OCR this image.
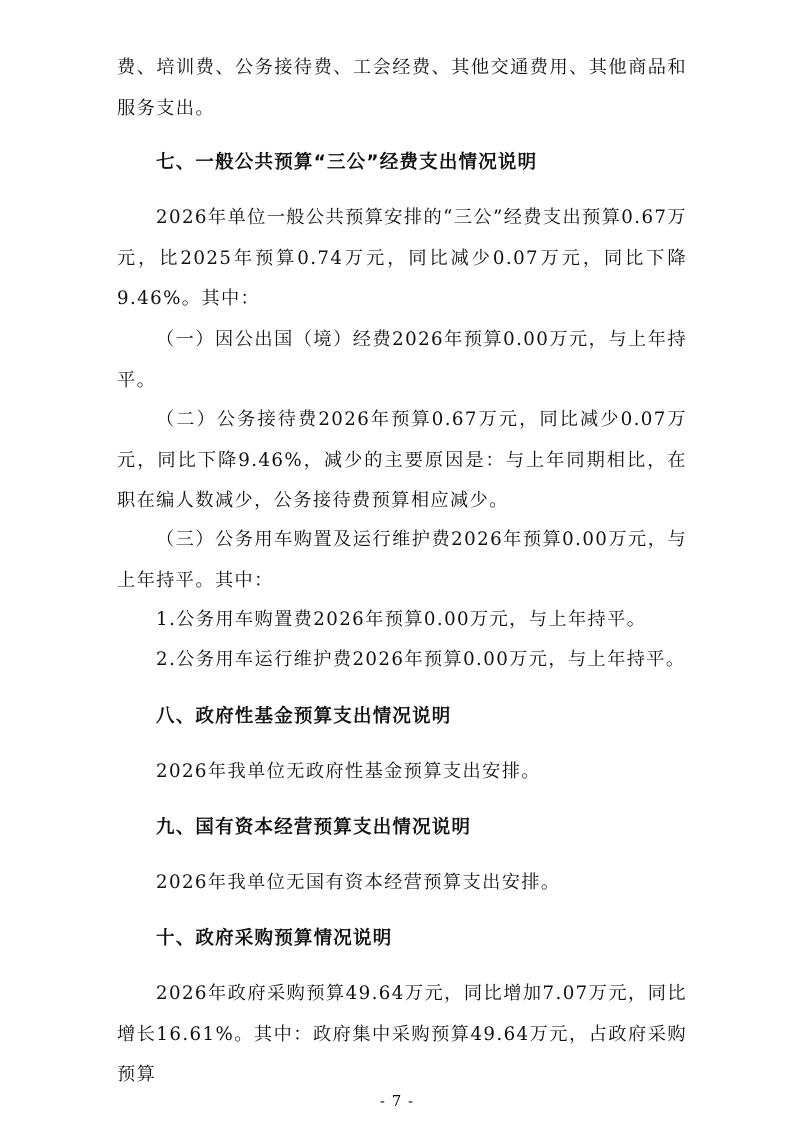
费、培训费、公务接待费、工会经费、其他交通费用、其他商品和服务支出。

七、一般公共预算“三公”经费支出情况说明

2026年单位一般公共预算安排的“三公”经费支出预算0.67万元，比2025年预算0.74万元，同比减少0.07万元，同比下降9.46%。其中：

（一）因公出国（境）经费2026年预算0.00万元，与上年持平。

（二）公务接待费2026年预算0.67万元，同比减少0.07万元，同比下降9.46%，减少的主要原因是：与上年同期相比，在职在编人数减少，公务接待费预算相应减少。

（三）公务用车购置及运行维护费2026年预算0.00万元，与上年持平。其中：

1.公务用车购置费2026年预算0.00万元，与上年持平。

2.公务用车运行维护费2026年预算0.00万元，与上年持平。

八、政府性基金预算支出情况说明

2026年我单位无政府性基金预算支出安排。

九、国有资本经营预算支出情况说明

2026年我单位无国有资本经营预算支出安排。

十、政府采购预算情况说明

2026年政府采购预算49.64万元，同比增加7.07万元，同比增长16.61%。其中：政府集中采购预算49.64万元，占政府采购预算

- 7 -
